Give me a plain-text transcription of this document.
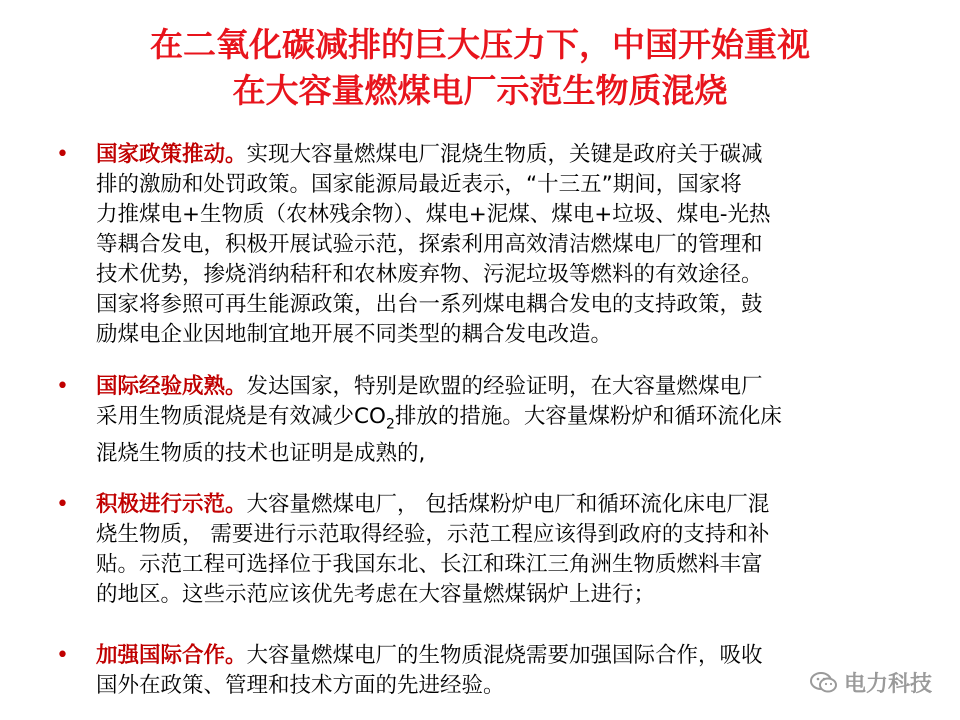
在二氧化碳减排的巨大压力下，中国开始重视
在大容量燃煤电厂示范生物质混烧
• 国家政策推动。实现大容量燃煤电厂混烧生物质，关键是政府关于碳减
排的激励和处罚政策。国家能源局最近表示，“十三五”期间，国家将
力推煤电+生物质（农林残余物）、煤电+泥煤、煤电+垃圾、煤电-光热
等耦合发电，积极开展试验示范，探索利用高效清洁燃煤电厂的管理和
技术优势，掺烧消纳秸秆和农林废弃物、污泥垃圾等燃料的有效途径。
国家将参照可再生能源政策，出台一系列煤电耦合发电的支持政策，鼓
励煤电企业因地制宜地开展不同类型的耦合发电改造。
• 国际经验成熟。发达国家，特别是欧盟的经验证明，在大容量燃煤电厂
采用生物质混烧是有效减少$CO_2$排放的措施。大容量煤粉炉和循环流化床
混烧生物质的技术也证明是成熟的,
• 积极进行示范。大容量燃煤电厂， 包括煤粉炉电厂和循环流化床电厂混
烧生物质， 需要进行示范取得经验，示范工程应该得到政府的支持和补
贴。示范工程可选择位于我国东北、长江和珠江三角洲生物质燃料丰富
的地区。这些示范应该优先考虑在大容量燃煤锅炉上进行；
• 加强国际合作。大容量燃煤电厂的生物质混烧需要加强国际合作，吸收
国外在政策、管理和技术方面的先进经验。	电力科技
